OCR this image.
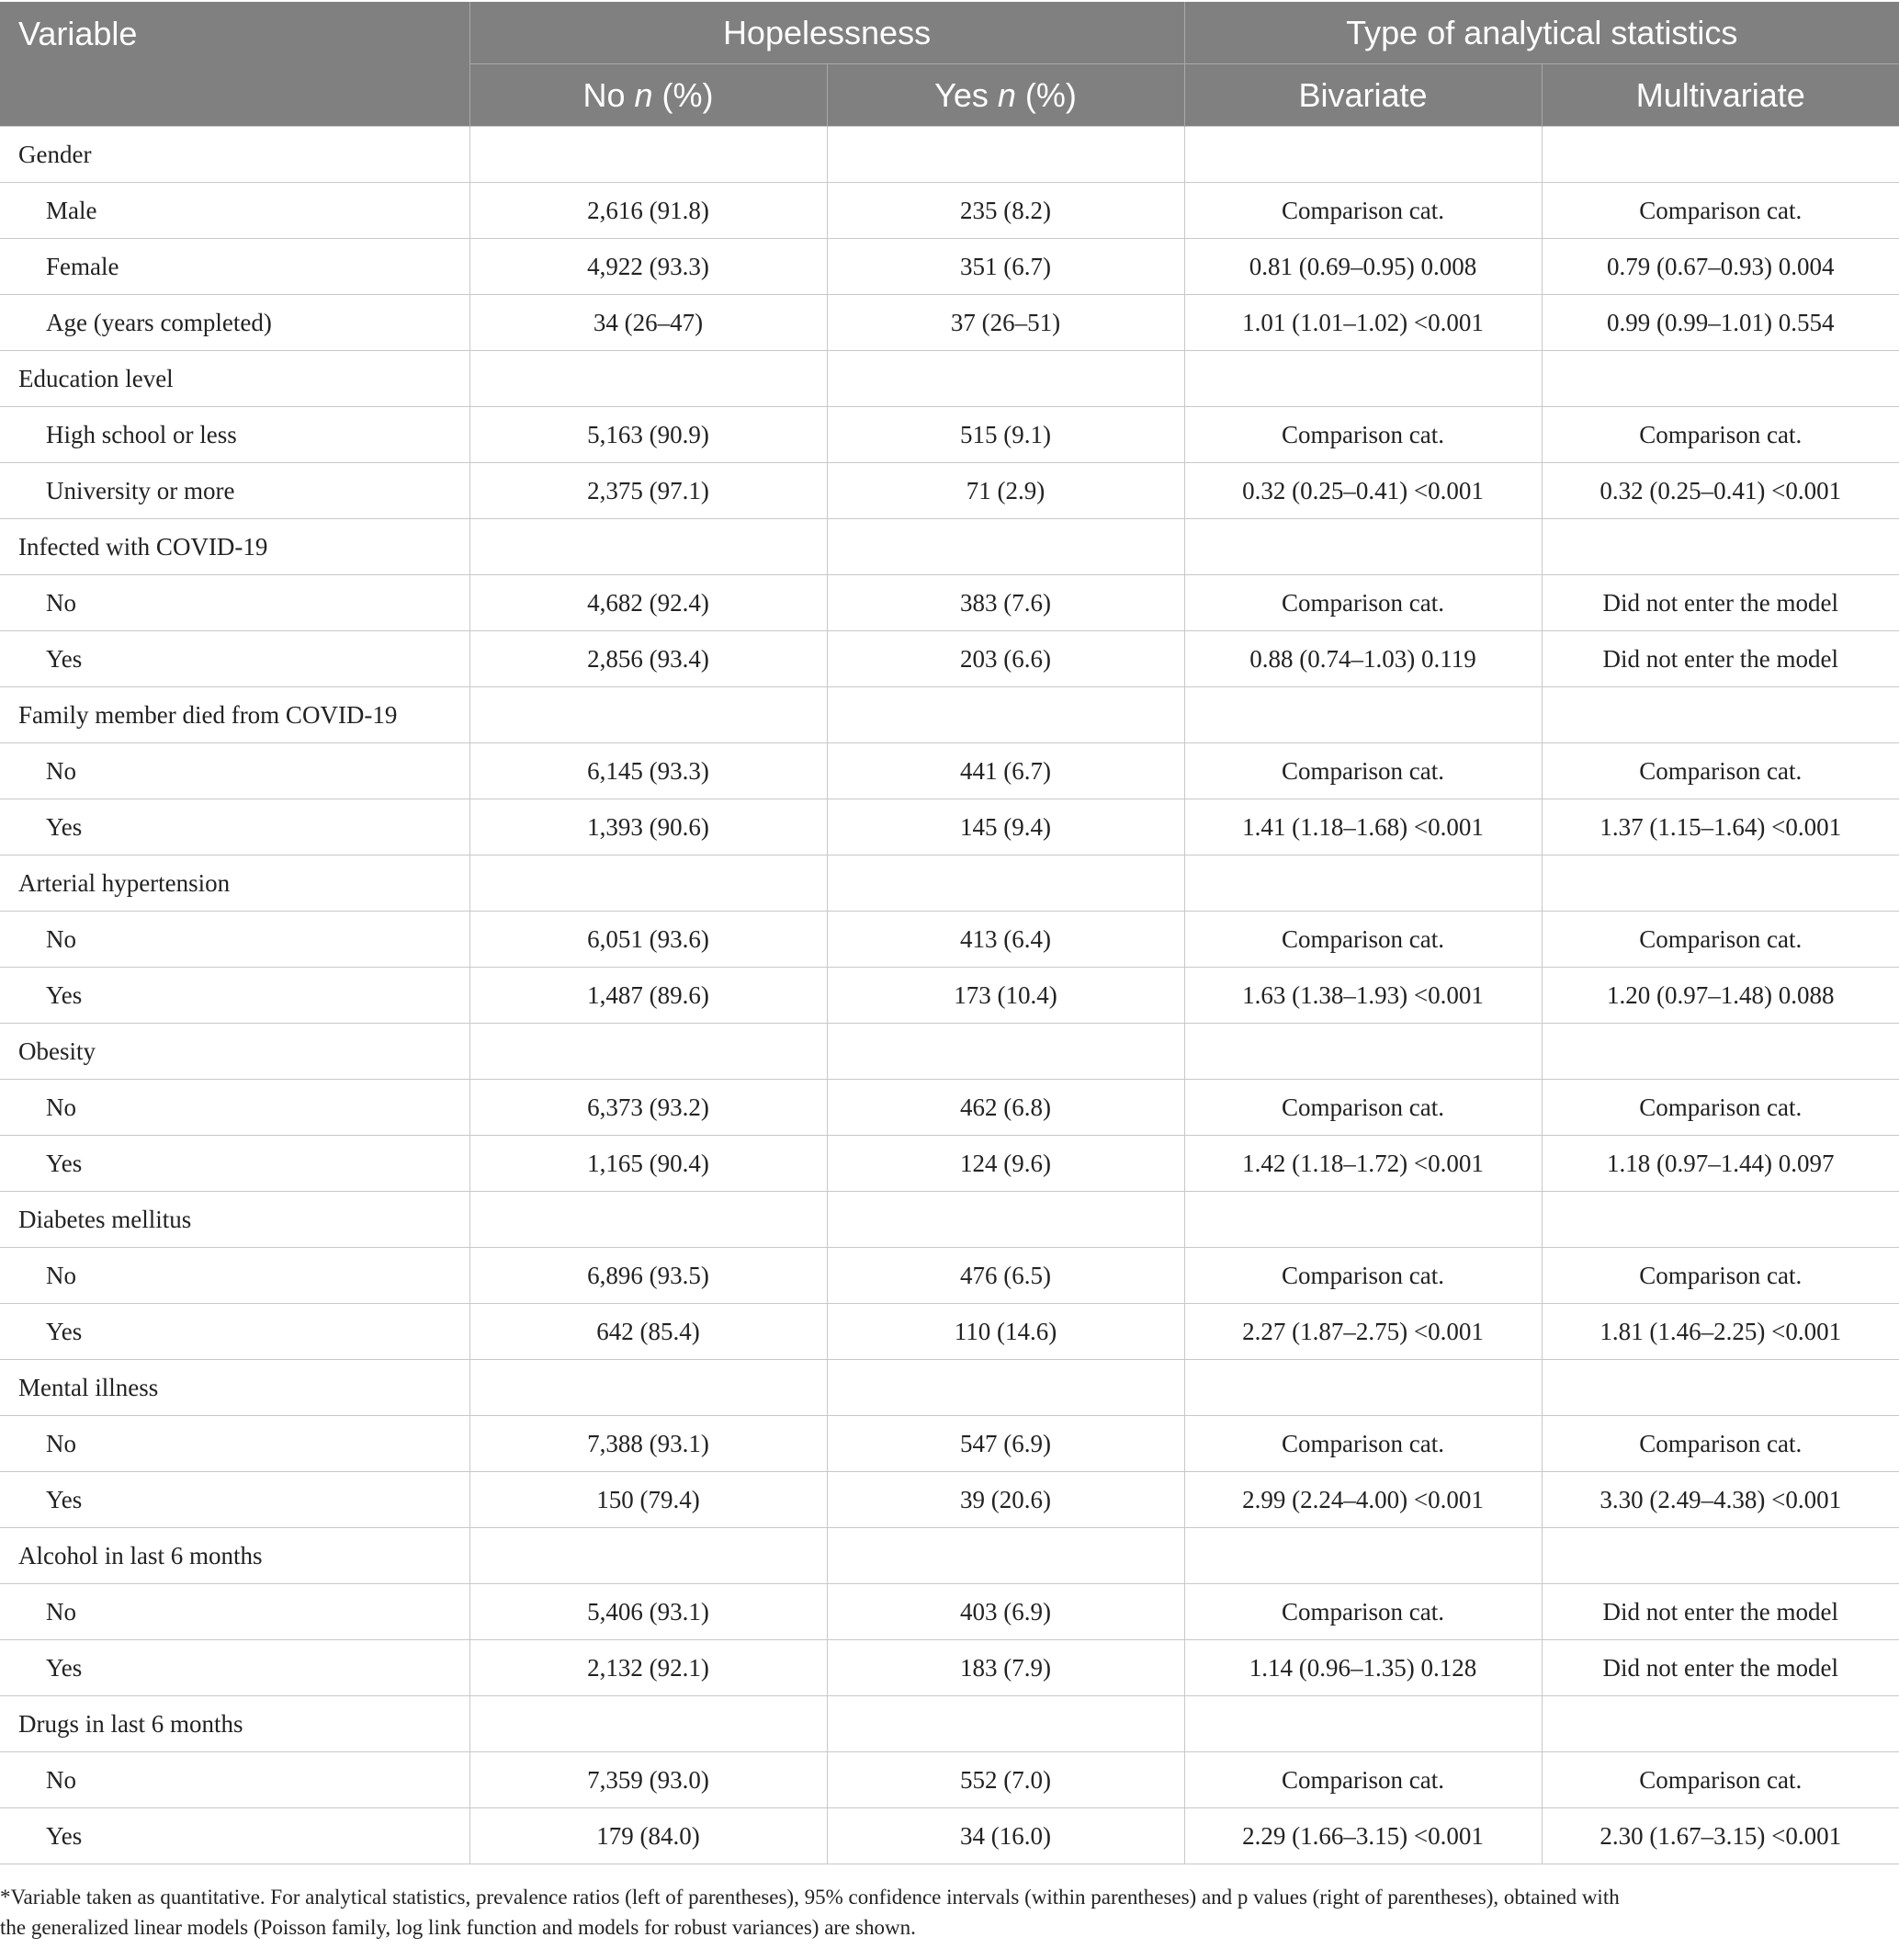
Variable	Hopelessness		Type of analytical statistics	
	No n (%)	Yes n (%)	Bivariate	Multivariate
Gender				
Male	2,616 (91.8)	235 (8.2)	Comparison cat.	Comparison cat.
Female	4,922 (93.3)	351 (6.7)	0.81 (0.69–0.95) 0.008	0.79 (0.67–0.93) 0.004
Age (years completed)	34 (26–47)	37 (26–51)	1.01 (1.01–1.02) <0.001	0.99 (0.99–1.01) 0.554
Education level				
High school or less	5,163 (90.9)	515 (9.1)	Comparison cat.	Comparison cat.
University or more	2,375 (97.1)	71 (2.9)	0.32 (0.25–0.41) <0.001	0.32 (0.25–0.41) <0.001
Infected with COVID-19				
No	4,682 (92.4)	383 (7.6)	Comparison cat.	Did not enter the model
Yes	2,856 (93.4)	203 (6.6)	0.88 (0.74–1.03) 0.119	Did not enter the model
Family member died from COVID-19				
No	6,145 (93.3)	441 (6.7)	Comparison cat.	Comparison cat.
Yes	1,393 (90.6)	145 (9.4)	1.41 (1.18–1.68) <0.001	1.37 (1.15–1.64) <0.001
Arterial hypertension				
No	6,051 (93.6)	413 (6.4)	Comparison cat.	Comparison cat.
Yes	1,487 (89.6)	173 (10.4)	1.63 (1.38–1.93) <0.001	1.20 (0.97–1.48) 0.088
Obesity				
No	6,373 (93.2)	462 (6.8)	Comparison cat.	Comparison cat.
Yes	1,165 (90.4)	124 (9.6)	1.42 (1.18–1.72) <0.001	1.18 (0.97–1.44) 0.097
Diabetes mellitus				
No	6,896 (93.5)	476 (6.5)	Comparison cat.	Comparison cat.
Yes	642 (85.4)	110 (14.6)	2.27 (1.87–2.75) <0.001	1.81 (1.46–2.25) <0.001
Mental illness				
No	7,388 (93.1)	547 (6.9)	Comparison cat.	Comparison cat.
Yes	150 (79.4)	39 (20.6)	2.99 (2.24–4.00) <0.001	3.30 (2.49–4.38) <0.001
Alcohol in last 6 months				
No	5,406 (93.1)	403 (6.9)	Comparison cat.	Did not enter the model
Yes	2,132 (92.1)	183 (7.9)	1.14 (0.96–1.35) 0.128	Did not enter the model
Drugs in last 6 months				
No	7,359 (93.0)	552 (7.0)	Comparison cat.	Comparison cat.
Yes	179 (84.0)	34 (16.0)	2.29 (1.66–3.15) <0.001	2.30 (1.67–3.15) <0.001

*Variable taken as quantitative. For analytical statistics, prevalence ratios (left of parentheses), 95% confidence intervals (within parentheses) and p values (right of parentheses), obtained with

the generalized linear models (Poisson family, log link function and models for robust variances) are shown.
